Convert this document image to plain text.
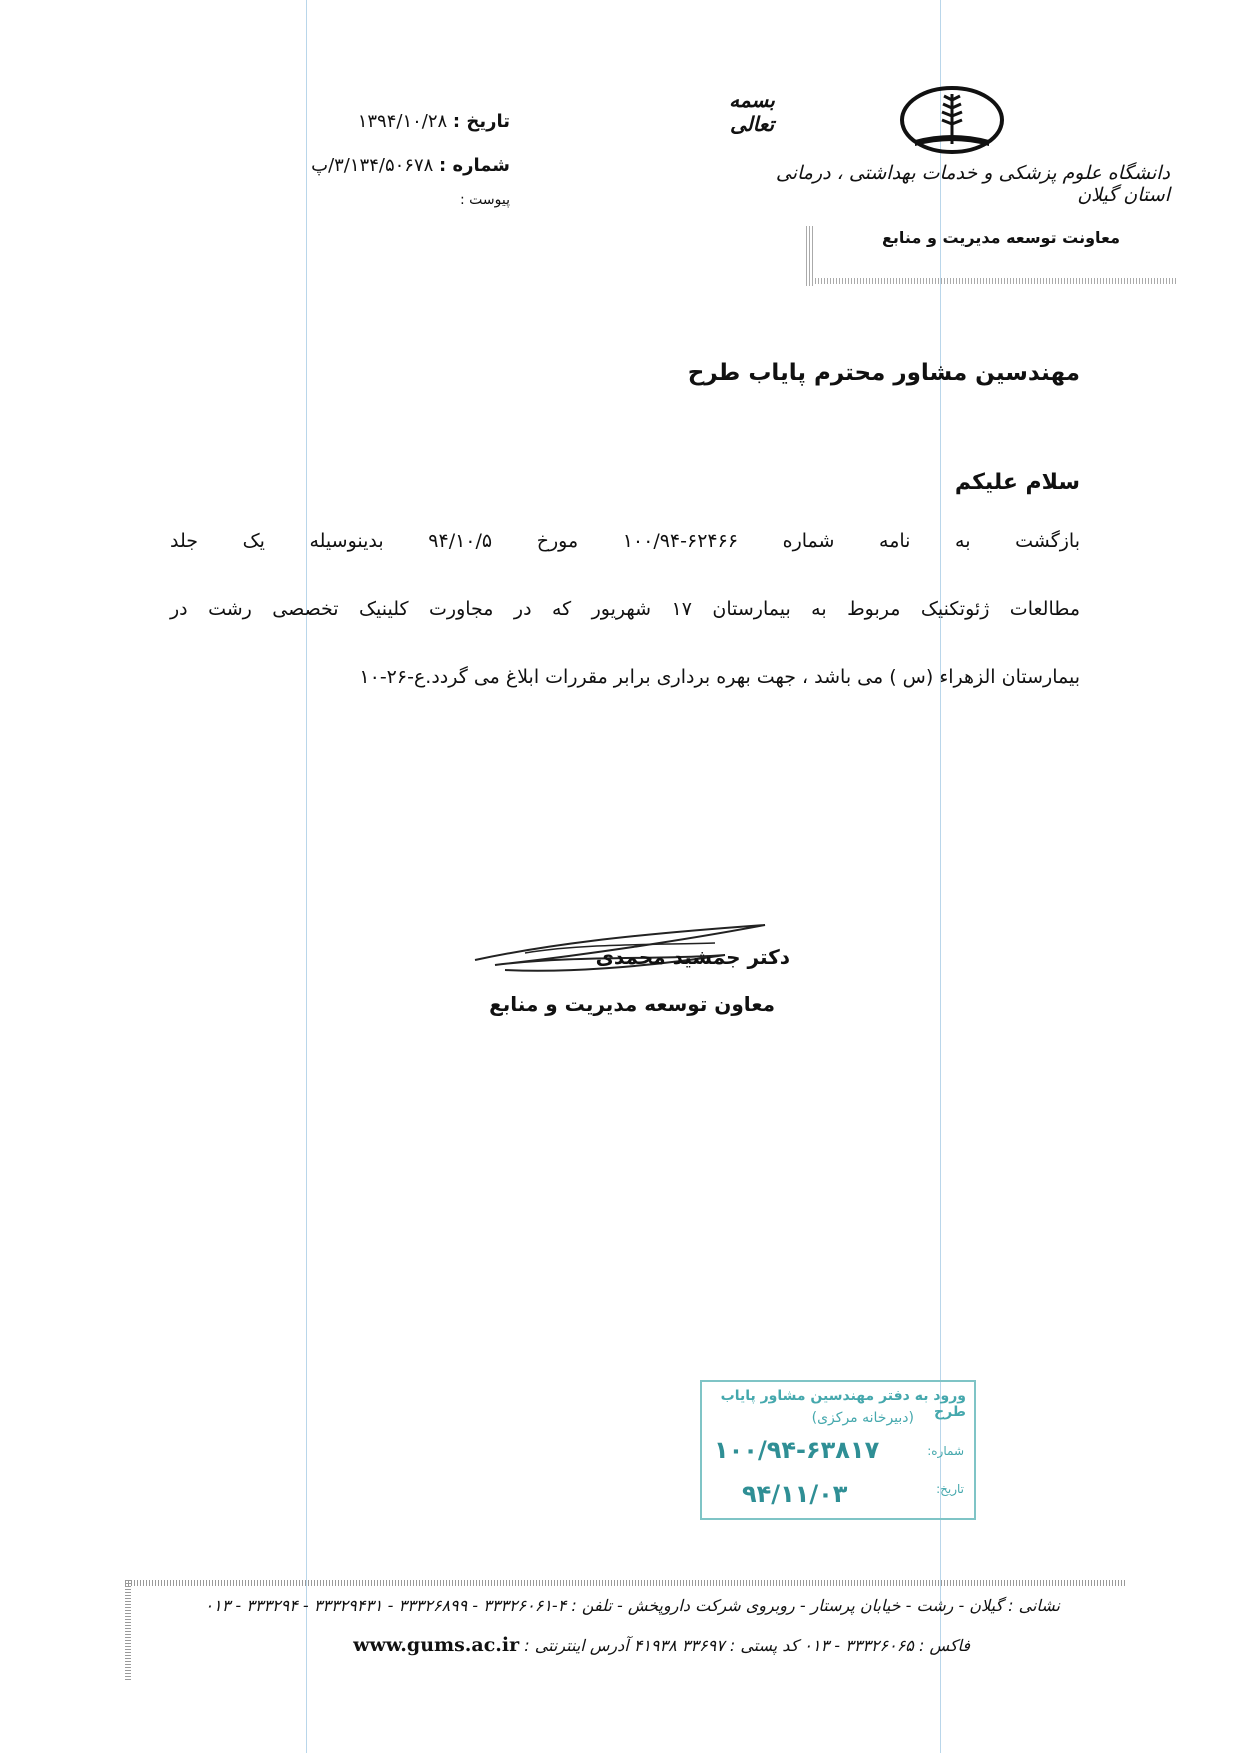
تاریخ : ۱۳۹۴/۱۰/۲۸
شماره : ۳/۱۳۴/۵۰۶۷۸/پ
پیوست :
بسمه تعالی
دانشگاه علوم پزشکی و خدمات بهداشتی ، درمانی استان گیلان
معاونت توسعه مدیریت و منابع
مهندسین مشاور محترم پایاب طرح
سلام علیکم

بازگشت به نامه شماره ۶۲۴۶۶-۱۰۰/۹۴ مورخ ۹۴/۱۰/۵ بدینوسیله یک جلد

مطالعات ژئوتکنیک مربوط به بیمارستان ۱۷ شهریور که در مجاورت کلینیک تخصصی رشت در

بیمارستان الزهراء (س ) می باشد ، جهت بهره برداری برابر مقررات ابلاغ می گردد.ع-۲۶-۱۰

دکتر جمشید محمدی
معاون توسعه مدیریت و منابع
ورود به دفتر مهندسین مشاور پایاب طرح
(دبیرخانه مرکزی)
شماره:
۱۰۰/۹۴-۶۳۸۱۷
تاریخ:
۹۴/۱۱/۰۳
نشانی : گیلان - رشت - خیابان پرستار - روبروی شرکت داروپخش - تلفن : ۴-۳۳۳۲۶۰۶۱ - ۳۳۳۲۶۸۹۹ - ۳۳۳۲۹۴۳۱ - ۳۳۳۲۹۴ - ۰۱۳
فاکس : ۳۳۳۲۶۰۶۵ - ۰۱۳ کد پستی : ۳۳۶۹۷ ۴۱۹۳۸ آدرس اینترنتی : www.gums.ac.ir
